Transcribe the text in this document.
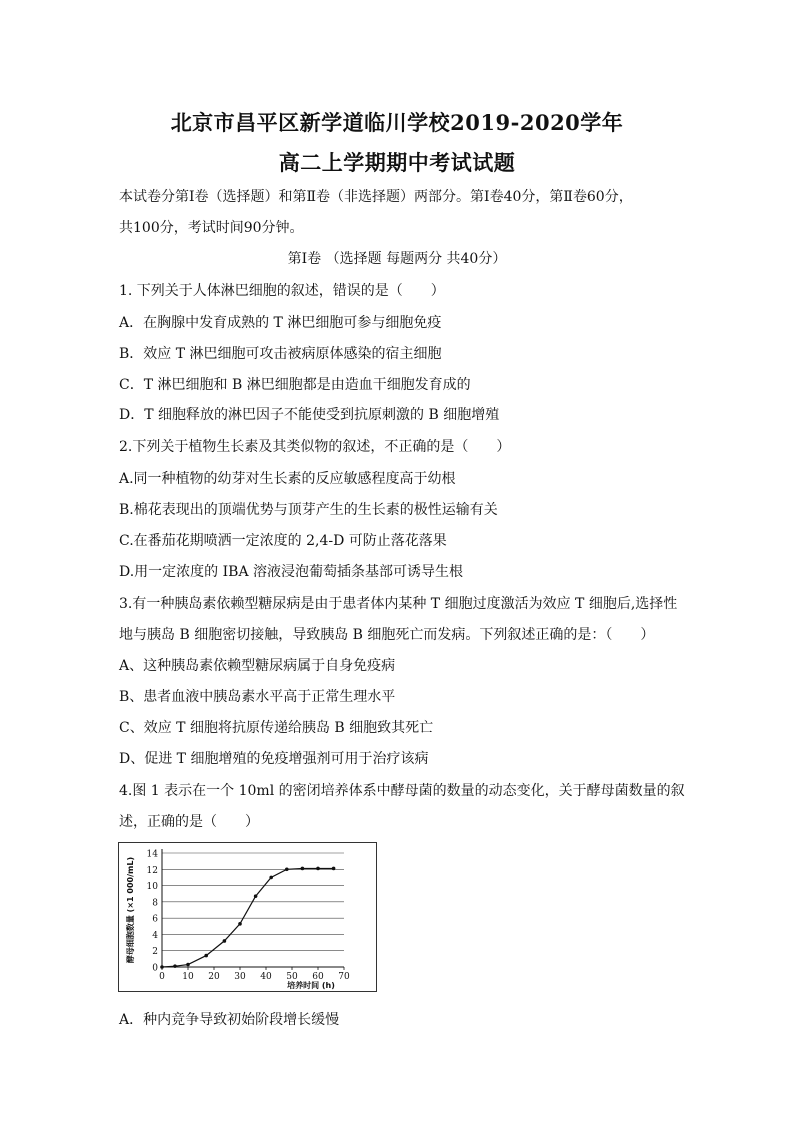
北京市昌平区新学道临川学校2019-2020学年
高二上学期期中考试试题
本试卷分第Ⅰ卷（选择题）和第Ⅱ卷（非选择题）两部分。第Ⅰ卷40分，第Ⅱ卷60分，
共100分，考试时间90分钟。
第Ⅰ卷 （选择题 每题两分 共40分）
1. 下列关于人体淋巴细胞的叙述，错误的是（　　）
A．在胸腺中发育成熟的 T 淋巴细胞可参与细胞免疫
B．效应 T 淋巴细胞可攻击被病原体感染的宿主细胞
C．T 淋巴细胞和 B 淋巴细胞都是由造血干细胞发育成的
D．T 细胞释放的淋巴因子不能使受到抗原刺激的 B 细胞增殖
2.下列关于植物生长素及其类似物的叙述，不正确的是（　　）
A.同一种植物的幼芽对生长素的反应敏感程度高于幼根
B.棉花表现出的顶端优势与顶芽产生的生长素的极性运输有关
C.在番茄花期喷洒一定浓度的 2,4-D 可防止落花落果
D.用一定浓度的 IBA 溶液浸泡葡萄插条基部可诱导生根
3.有一种胰岛素依赖型糖尿病是由于患者体内某种 T 细胞过度激活为效应 T 细胞后,选择性
地与胰岛 B 细胞密切接触，导致胰岛 B 细胞死亡而发病。下列叙述正确的是：（　　）
A、这种胰岛素依赖型糖尿病属于自身免疫病
B、患者血液中胰岛素水平高于正常生理水平
C、效应 T 细胞将抗原传递给胰岛 B 细胞致其死亡
D、促进 T 细胞增殖的免疫增强剂可用于治疗该病
4.图 1 表示在一个 10ml 的密闭培养体系中酵母菌的数量的动态变化，关于酵母菌数量的叙
述，正确的是（　　）
0
2
4
6
8
10
12
14
0 10 20 30 40 50 60 70
培养时间 (h)
酵母细胞数量 (×1 000/mL)
A．种内竞争导致初始阶段增长缓慢
